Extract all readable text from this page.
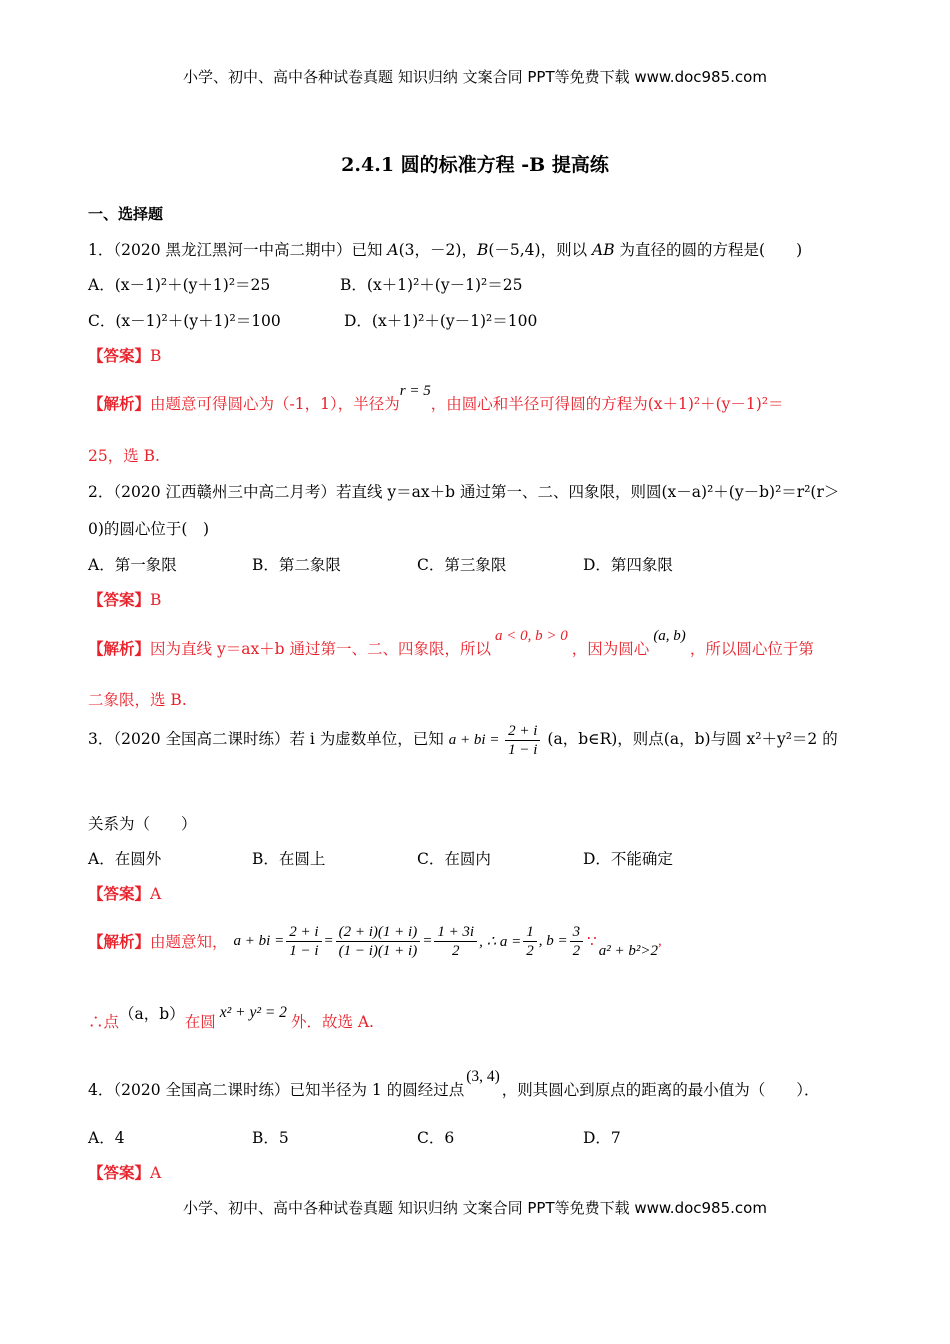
小学、初中、高中各种试卷真题 知识归纳 文案合同 PPT等免费下载 www.doc985.com
2.4.1 圆的标准方程 -B 提高练
一、选择题
1．（2020 黑龙江黑河一中高二期中）已知 A(3，－2)，B(－5,4)，则以 AB 为直径的圆的方程是(　　)
A．(x－1)²＋(y＋1)²＝25	B．(x＋1)²＋(y－1)²＝25
C．(x－1)²＋(y＋1)²＝100	D．(x＋1)²＋(y－1)²＝100
【答案】B
【解析】由题意可得圆心为（-1，1），半径为r = 5，由圆心和半径可得圆的方程为(x＋1)²＋(y－1)²＝
25，选 B.
2．（2020 江西赣州三中高二月考）若直线 y＝ax＋b 通过第一、二、四象限，则圆(x－a)²＋(y－b)²＝r²(r＞
0)的圆心位于(　)
A．第一象限	B．第二象限	C．第三象限	D．第四象限
【答案】B
【解析】因为直线 y＝ax＋b 通过第一、二、四象限，所以a < 0, b > 0，因为圆心(a, b)，所以圆心位于第
二象限，选 B.
3．（2020 全国高二课时练）若 i 为虚数单位，已知 a + bi = $\frac{2 + i}{1 - i} (a$，b∈R)，则点(a，b)与圆 x²＋y²＝2 的
关系为（　　）
A．在圆外	B．在圆上	C．在圆内	D．不能确定
【答案】A
【解析】 由题意知， a + bi = $\frac{2 + i}{1 - i} = \frac{(2 + i)(1 + i)}{(1 - i)(1 + i)} = \frac{1 + 3i}{2}$ , ∴ $a = \frac{1}{2}$ , $b = \frac{3}{2}$ ∵
a² + b²>2
,
∴点（a，b）在圆x² + y² = 2外．故选 A.
4．（2020 全国高二课时练）已知半径为 1 的圆经过点(3, 4)，则其圆心到原点的距离的最小值为（　　）．
A．4	B．5	C．6	D．7
【答案】A
小学、初中、高中各种试卷真题 知识归纳 文案合同 PPT等免费下载 www.doc985.com
